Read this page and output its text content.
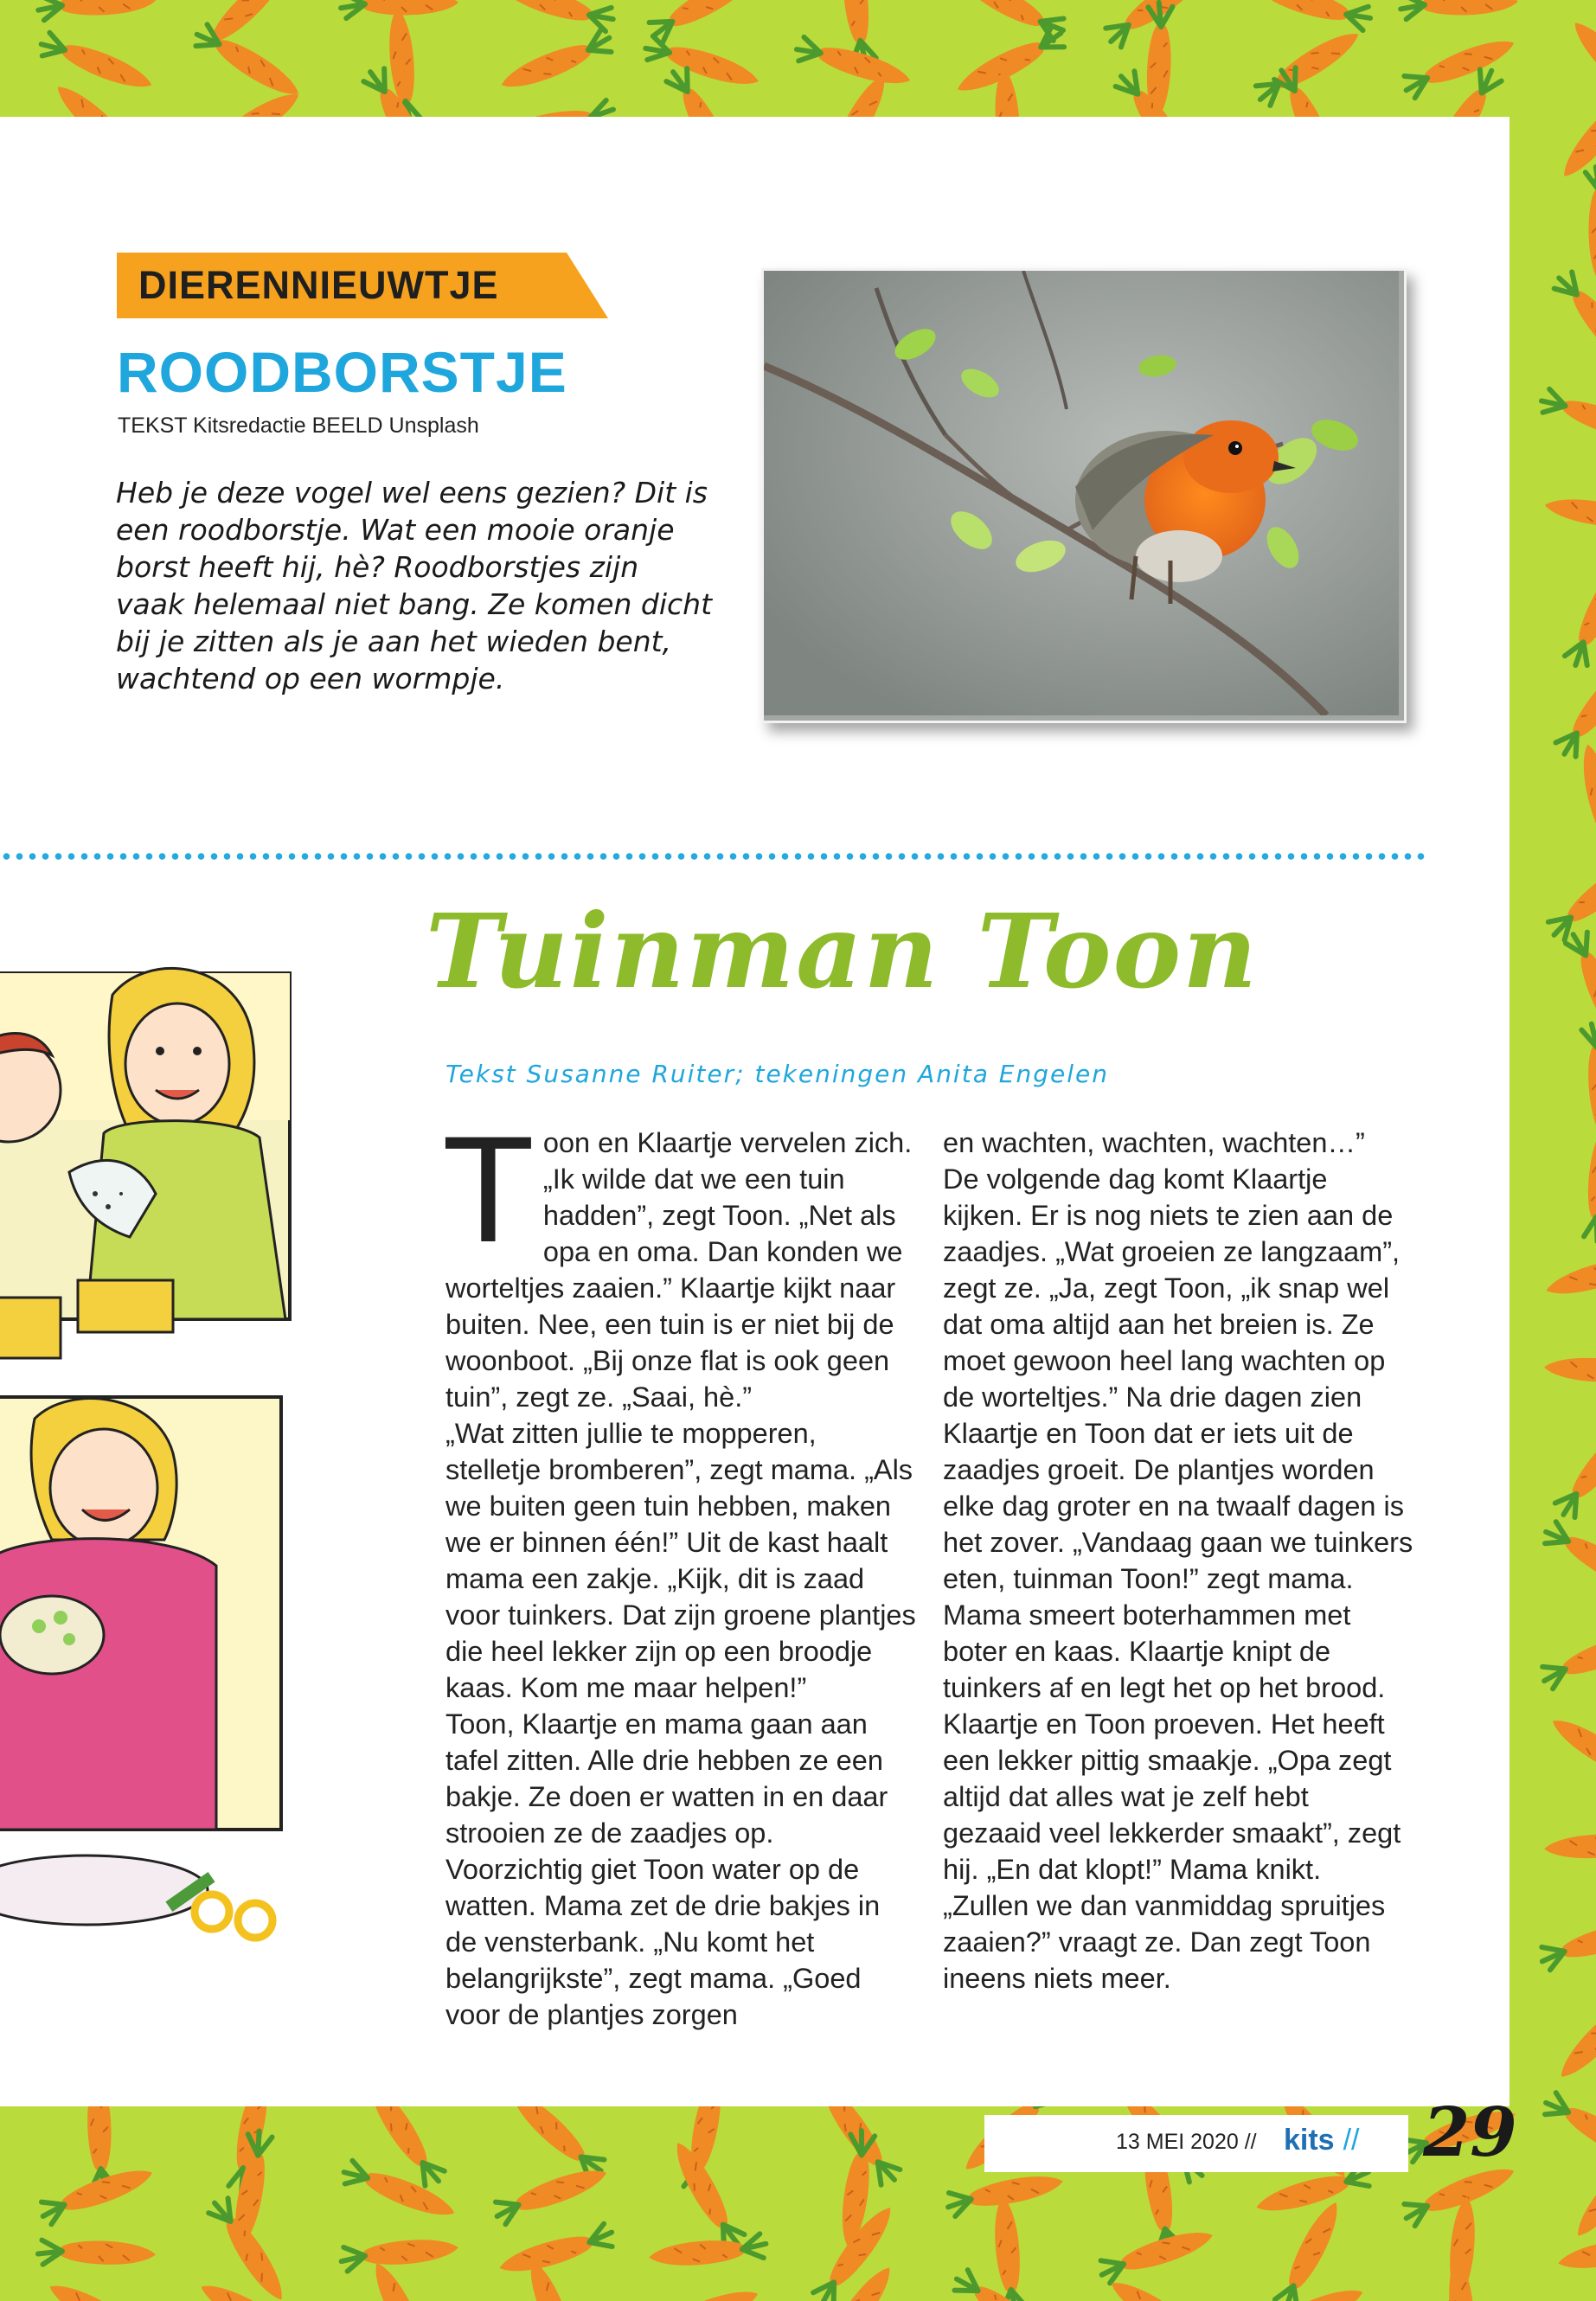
DIERENNIEUWTJE
ROODBORSTJE
TEKST Kitsredactie BEELD Unsplash

Heb je deze vogel wel eens gezien? Dit is een roodborstje. Wat een mooie oranje borst heeft hij, hè? Roodborstjes zijn vaak helemaal niet bang. Ze komen dicht bij je zitten als je aan het wieden bent, wachtend op een wormpje.

Tuinman Toon
Tekst Susanne Ruiter; tekeningen Anita Engelen

Toon en Klaartje vervelen zich. „Ik wilde dat we een tuin hadden”, zegt Toon. „Net als opa en oma. Dan konden we worteltjes zaaien.” Klaartje kijkt naar buiten. Nee, een tuin is er niet bij de woonboot. „Bij onze flat is ook geen tuin”, zegt ze. „Saai, hè.”
„Wat zitten jullie te mopperen, stelletje bromberen”, zegt mama. „Als we buiten geen tuin hebben, maken we er binnen één!” Uit de kast haalt mama een zakje. „Kijk, dit is zaad voor tuinkers. Dat zijn groene plantjes die heel lekker zijn op een broodje kaas. Kom me maar helpen!”
Toon, Klaartje en mama gaan aan tafel zitten. Alle drie hebben ze een bakje. Ze doen er watten in en daar strooien ze de zaadjes op. Voorzichtig giet Toon water op de watten. Mama zet de drie bakjes in de vensterbank. „Nu komt het belangrijkste”, zegt mama. „Goed voor de plantjes zorgen

en wachten, wachten, wachten…”
De volgende dag komt Klaartje kijken. Er is nog niets te zien aan de zaadjes. „Wat groeien ze langzaam”, zegt ze. „Ja, zegt Toon, „ik snap wel dat oma altijd aan het breien is. Ze moet gewoon heel lang wachten op de worteltjes.” Na drie dagen zien Klaartje en Toon dat er iets uit de zaadjes groeit. De plantjes worden elke dag groter en na twaalf dagen is het zover. „Vandaag gaan we tuinkers eten, tuinman Toon!” zegt mama. Mama smeert boterhammen met boter en kaas. Klaartje knipt de tuinkers af en legt het op het brood. Klaartje en Toon proeven. Het heeft een lekker pittig smaakje. „Opa zegt altijd dat alles wat je zelf hebt gezaaid veel lekkerder smaakt”, zegt hij. „En dat klopt!” Mama knikt. „Zullen we dan vanmiddag spruitjes zaaien?” vraagt ze. Dan zegt Toon ineens niets meer.

13 MEI 2020 // kits // 29
